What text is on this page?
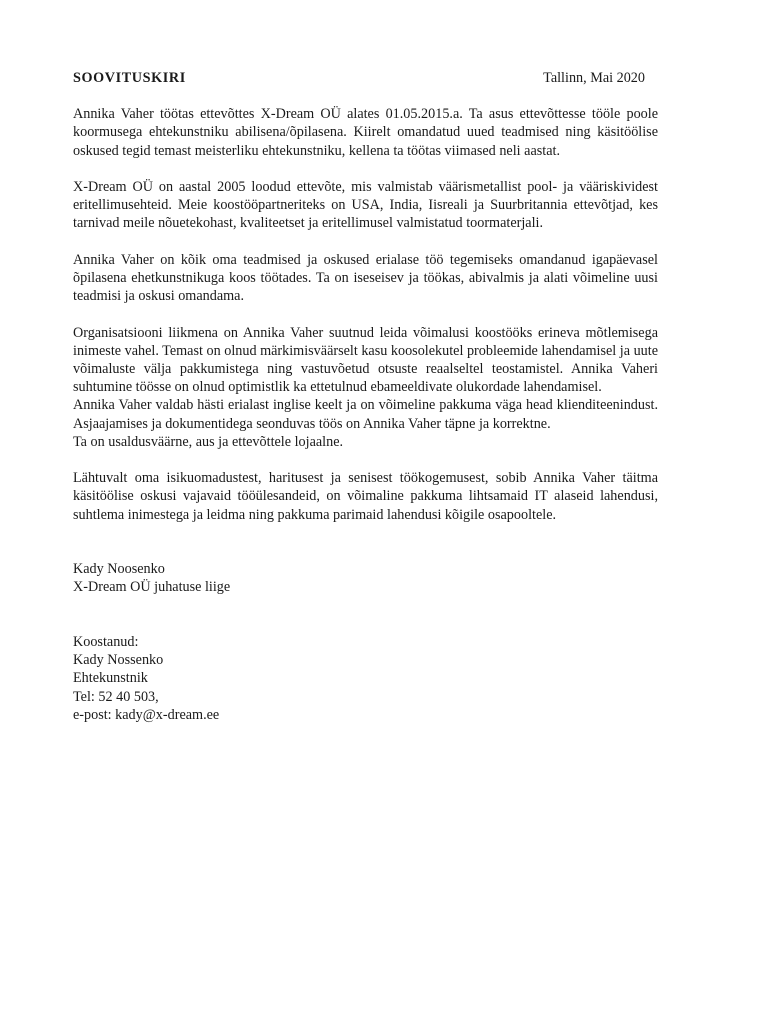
SOOVITUSKIRI	Tallinn, Mai 2020

Annika Vaher töötas ettevõttes X-Dream OÜ alates 01.05.2015.a. Ta asus ettevõttesse tööle poole koormusega ehtekunstniku abilisena/õpilasena. Kiirelt omandatud uued teadmised ning käsitöölise oskused tegid temast meisterliku ehtekunstniku, kellena ta töötas viimased neli aastat.

X-Dream OÜ on aastal 2005 loodud ettevõte, mis valmistab väärismetallist pool- ja vääriskividest eritellimusehteid. Meie koostööpartneriteks on USA, India, Iisreali ja Suurbritannia ettevõtjad, kes tarnivad meile nõuetekohast, kvaliteetset ja eritellimusel valmistatud toormaterjali.

Annika Vaher on kõik oma teadmised ja oskused erialase töö tegemiseks omandanud igapäevasel õpilasena ehetkunstnikuga koos töötades. Ta on iseseisev ja töökas, abivalmis ja alati võimeline uusi teadmisi ja oskusi omandama.

Organisatsiooni liikmena on Annika Vaher suutnud leida võimalusi koostööks erineva mõtlemisega inimeste vahel. Temast on olnud märkimisväärselt kasu koosolekutel probleemide lahendamisel ja uute võimaluste välja pakkumistega ning vastuvõetud otsuste reaalseltel teostamistel. Annika Vaheri suhtumine töösse on olnud optimistlik ka ettetulnud ebameeldivate olukordade lahendamisel.

Annika Vaher valdab hästi erialast inglise keelt ja on võimeline pakkuma väga head klienditeenindust. Asjaajamises ja dokumentidega seonduvas töös on Annika Vaher täpne ja korrektne.

Ta on usaldusväärne, aus ja ettevõttele lojaalne.

Lähtuvalt oma isikuomadustest, haritusest ja senisest töökogemusest, sobib Annika Vaher täitma käsitöölise oskusi vajavaid tööülesandeid, on võimaline pakkuma lihtsamaid IT alaseid lahendusi, suhtlema inimestega ja leidma ning pakkuma parimaid lahendusi kõigile osapooltele.

Kady Noosenko
X-Dream OÜ juhatuse liige
Koostanud:
Kady Nossenko
Ehtekunstnik
Tel: 52 40 503,
e-post: kady@x-dream.ee
